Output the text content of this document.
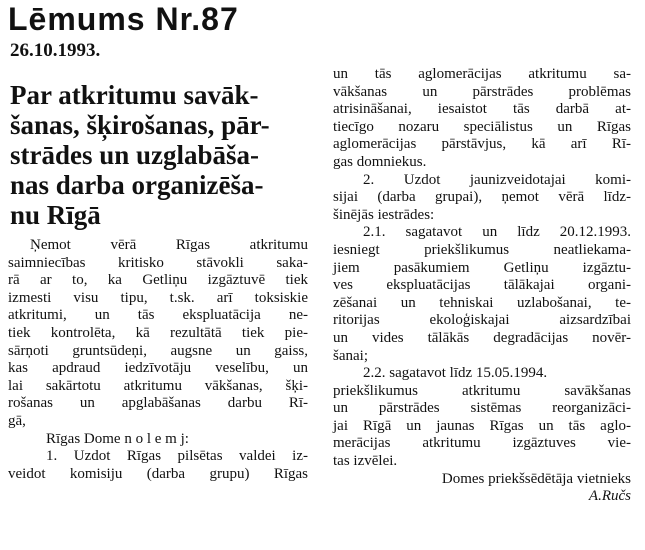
Lēmums Nr.87
26.10.1993.
Par atkritumu savāk-
šanas, šķirošanas, pār-
strādes un uzglabāša-
nas darba organizēša-
nu Rīgā
Ņemot vērā Rīgas atkritumu
saimniecības kritisko stāvokli saka-
rā ar to, ka Getliņu izgāztuvē tiek
izmesti visu tipu, t.sk. arī toksiskie
atkritumi, un tās ekspluatācija ne-
tiek kontrolēta, kā rezultātā tiek pie-
sārņoti gruntsūdeņi, augsne un gaiss,
kas apdraud iedzīvotāju veselību, un
lai sakārtotu atkritumu vākšanas, šķi-
rošanas un apglabāšanas darbu Rī-
gā,
Rīgas Dome n o l e m j:
1. Uzdot Rīgas pilsētas valdei iz-
veidot komisiju (darba grupu) Rīgas
un tās aglomerācijas atkritumu sa-
vākšanas un pārstrādes problēmas
atrisināšanai, iesaistot tās darbā at-
tiecīgo nozaru speciālistus un Rīgas
aglomerācijas pārstāvjus, kā arī Rī-
gas domniekus.
2. Uzdot jaunizveidotajai komi-
sijai (darba grupai), ņemot vērā līdz-
šinējās iestrādes:
2.1. sagatavot un līdz 20.12.1993.
iesniegt priekšlikumus neatliekama-
jiem pasākumiem Getliņu izgāztu-
ves ekspluatācijas tālākajai organi-
zēšanai un tehniskai uzlabošanai, te-
ritorijas ekoloģiskajai aizsardzībai
un vides tālākās degradācijas novēr-
šanai;
2.2. sagatavot līdz 15.05.1994.
priekšlikumus atkritumu savākšanas
un pārstrādes sistēmas reorganizāci-
jai Rīgā un jaunas Rīgas un tās aglo-
merācijas atkritumu izgāztuves vie-
tas izvēlei.
Domes priekšsēdētāja vietnieks
A.Ručs
